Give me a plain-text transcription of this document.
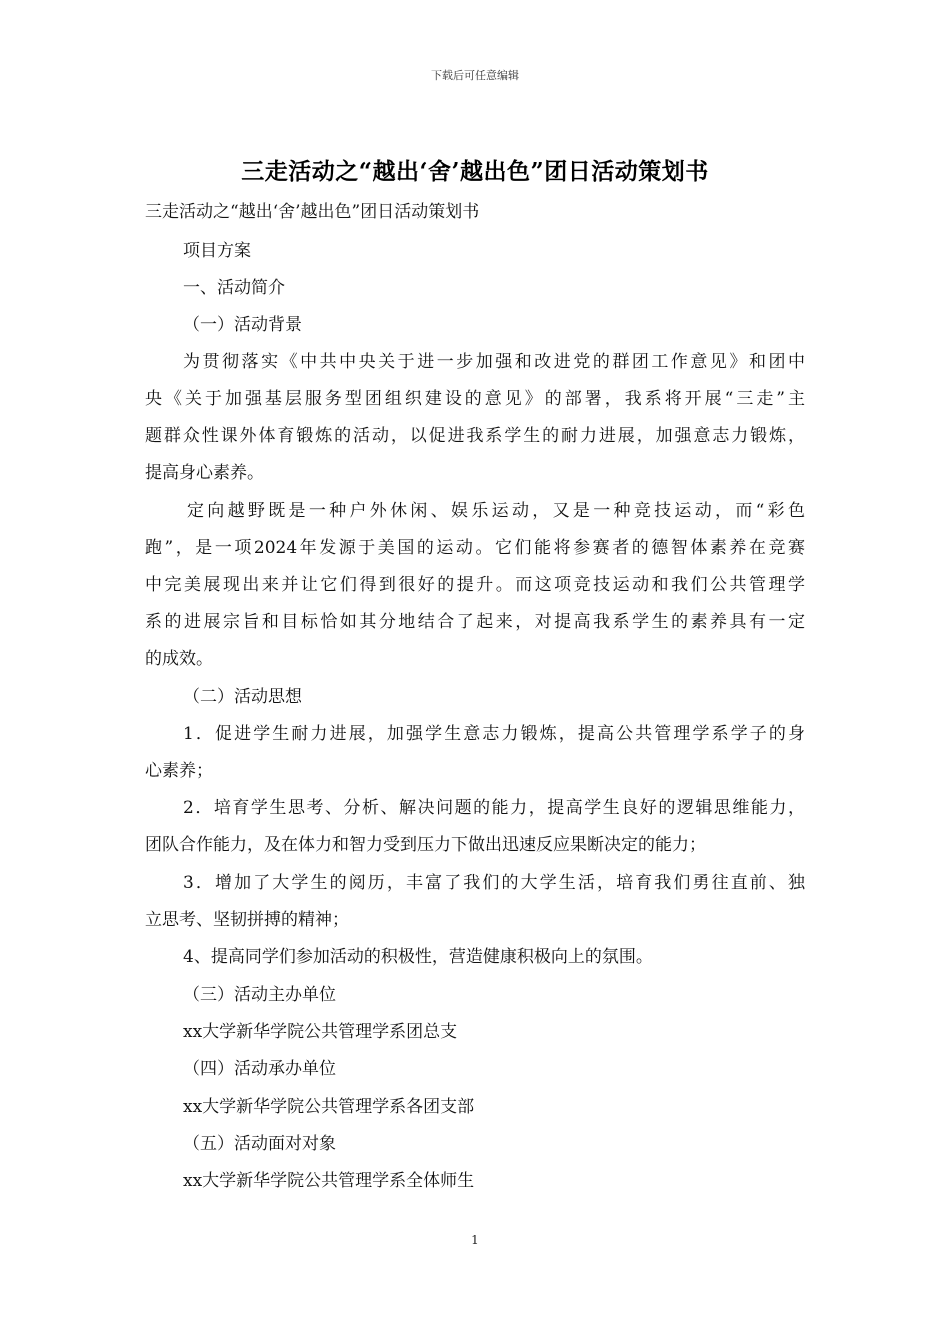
下载后可任意编辑
三走活动之“越出‘舍’越出色”团日活动策划书
三走活动之“越出‘舍’越出色”团日活动策划书
项目方案
一、活动简介
（一）活动背景
为贯彻落实《中共中央关于进一步加强和改进党的群团工作意见》和团中
央《关于加强基层服务型团组织建设的意见》的部署，我系将开展“三走”主
题群众性课外体育锻炼的活动，以促进我系学生的耐力进展，加强意志力锻炼，
提高身心素养。
定向越野既是一种户外休闲、娱乐运动，又是一种竞技运动，而“彩色
跑”，是一项2024年发源于美国的运动。它们能将参赛者的德智体素养在竞赛
中完美展现出来并让它们得到很好的提升。而这项竞技运动和我们公共管理学
系的进展宗旨和目标恰如其分地结合了起来，对提高我系学生的素养具有一定
的成效。
（二）活动思想
1．促进学生耐力进展，加强学生意志力锻炼，提高公共管理学系学子的身
心素养；
2．培育学生思考、分析、解决问题的能力，提高学生良好的逻辑思维能力，
团队合作能力，及在体力和智力受到压力下做出迅速反应果断决定的能力；
3．增加了大学生的阅历，丰富了我们的大学生活，培育我们勇往直前、独
立思考、坚韧拼搏的精神；
4、提高同学们参加活动的积极性，营造健康积极向上的氛围。
（三）活动主办单位
xx大学新华学院公共管理学系团总支
（四）活动承办单位
xx大学新华学院公共管理学系各团支部
（五）活动面对对象
xx大学新华学院公共管理学系全体师生
1
